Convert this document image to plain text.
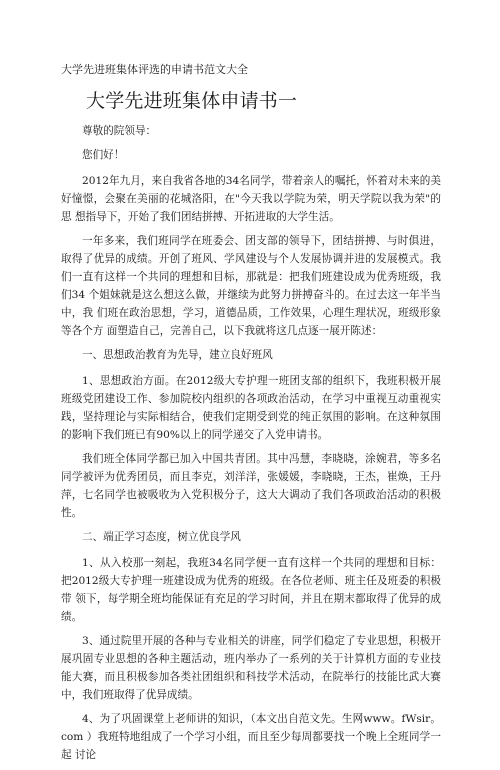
大学先进班集体评选的申请书范文大全
大学先进班集体申请书一

尊敬的院领导：

您们好！

2012年九月，来自我省各地的34名同学，带着亲人的嘱托，怀着对未来的美 好憧憬，会聚在美丽的花城洛阳，在"今天我以学院为荣，明天学院以我为荣"的思 想指导下，开始了我们团结拼搏、开拓进取的大学生活。

一年多来，我们班同学在班委会、团支部的领导下，团结拼搏、与时俱进，取得了优异的成绩。开创了班风、学风建设与个人发展协调并进的发展模式。我们一直有这样一个共同的理想和目标，那就是：把我们班建设成为优秀班级，我们34 个姐妹就是这么想这么做，并继续为此努力拼搏奋斗的。在过去这一年半当中，我 们班在政治思想，学习，道德品质，工作效果，心理生理状况，班级形象等各个方 面塑造自己，完善自己，以下我就将这几点逐一展开陈述：

一、思想政治教育为先导，建立良好班风

1、思想政治方面。在2012级大专护理一班团支部的组织下，我班积极开展班级党团建设工作、参加院校内组织的各项政治活动，在学习中重视互动重视实践，坚持理论与实际相结合，使我们定期受到党的纯正氛围的影响。在这种氛围的影响下我们班已有90%以上的同学递交了入党申请书。

我们班全体同学都已加入中国共青团。其中冯慧，李晓晓，涂婉君，等多名同学被评为优秀团员，而且李克，刘洋洋，张媛媛，李晓晓，王杰，崔焕，王丹萍，七名同学也被吸收为入党积极分子，这大大调动了我们各项政治活动的积极性。

二、端正学习态度，树立优良学风

1、从入校那一刻起，我班34名同学便一直有这样一个共同的理想和目标：把2012级大专护理一班建设成为优秀的班级。在各位老师、班主任及班委的积极带 领下，每学期全班均能保证有充足的学习时间，并且在期末都取得了优异的成绩。

3、通过院里开展的各种与专业相关的讲座，同学们稳定了专业思想，积极开展巩固专业思想的各种主题活动，班内举办了一系列的关于计算机方面的专业技能大赛，而且积极参加各类社团组织和科技学术活动，在院举行的技能比武大赛中，我们班取得了优异成绩。

4、为了巩固课堂上老师讲的知识，（本文出自范文先。生网www。fWsir。 com ）我班特地组成了一个学习小组，而且至少每周都要找一个晚上全班同学一起 讨论
